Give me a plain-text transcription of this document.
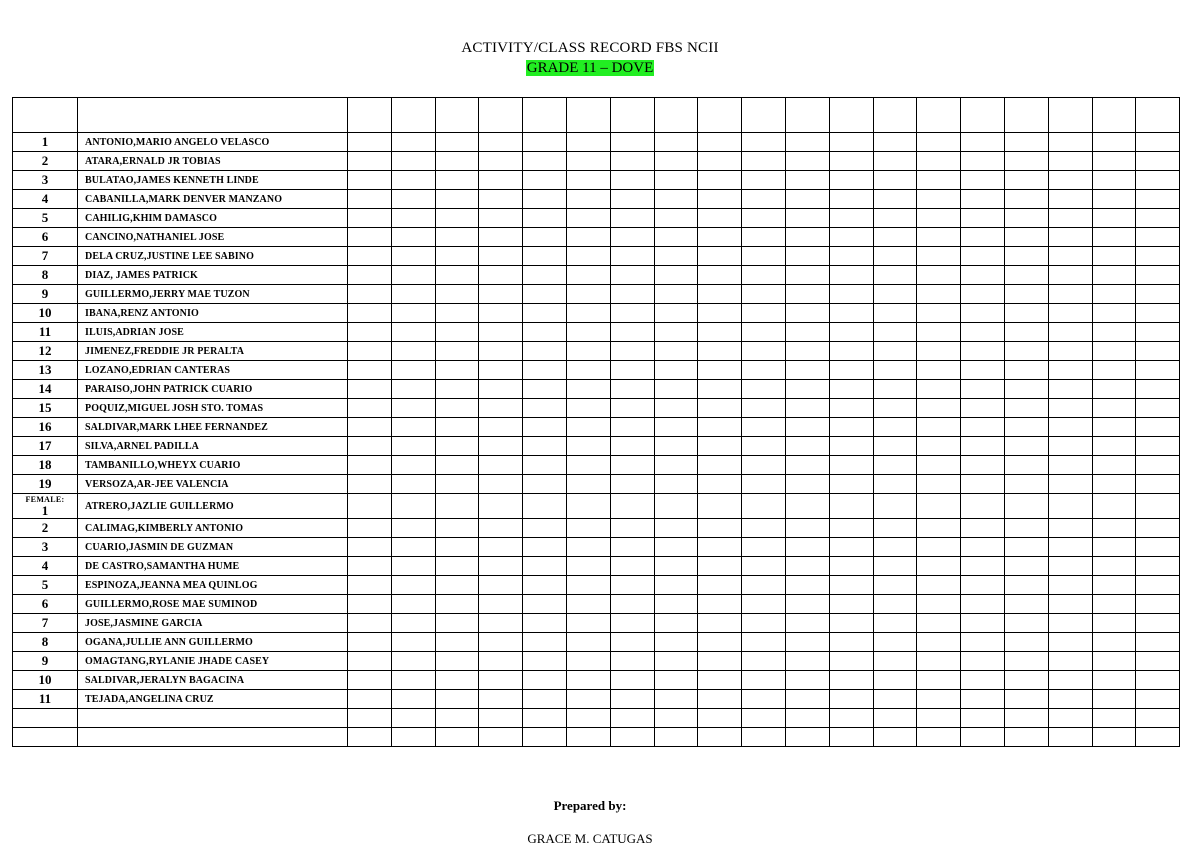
ACTIVITY/CLASS RECORD FBS NCII
GRADE 11 – DOVE

1	ANTONIO,MARIO ANGELO VELASCO																			
2	ATARA,ERNALD JR TOBIAS																			
3	BULATAO,JAMES KENNETH LINDE																			
4	CABANILLA,MARK DENVER MANZANO																			
5	CAHILIG,KHIM DAMASCO																			
6	CANCINO,NATHANIEL JOSE																			
7	DELA CRUZ,JUSTINE LEE SABINO																			
8	DIAZ, JAMES PATRICK																			
9	GUILLERMO,JERRY MAE TUZON																			
10	IBANA,RENZ ANTONIO																			
11	ILUIS,ADRIAN JOSE																			
12	JIMENEZ,FREDDIE JR PERALTA																			
13	LOZANO,EDRIAN CANTERAS																			
14	PARAISO,JOHN PATRICK CUARIO																			
15	POQUIZ,MIGUEL JOSH STO. TOMAS																			
16	SALDIVAR,MARK LHEE FERNANDEZ																			
17	SILVA,ARNEL PADILLA																			
18	TAMBANILLO,WHEYX CUARIO																			
19	VERSOZA,AR-JEE VALENCIA																			

FEMALE:
1	ATRERO,JAZLIE GUILLERMO																			
2	CALIMAG,KIMBERLY ANTONIO																			
3	CUARIO,JASMIN DE GUZMAN																			
4	DE CASTRO,SAMANTHA HUME																			
5	ESPINOZA,JEANNA MEA QUINLOG																			
6	GUILLERMO,ROSE MAE SUMINOD																			
7	JOSE,JASMINE GARCIA																			
8	OGANA,JULLIE ANN GUILLERMO																			
9	OMAGTANG,RYLANIE JHADE CASEY																			
10	SALDIVAR,JERALYN BAGACINA																			
11	TEJADA,ANGELINA CRUZ																			

Prepared by:
GRACE M. CATUGAS
